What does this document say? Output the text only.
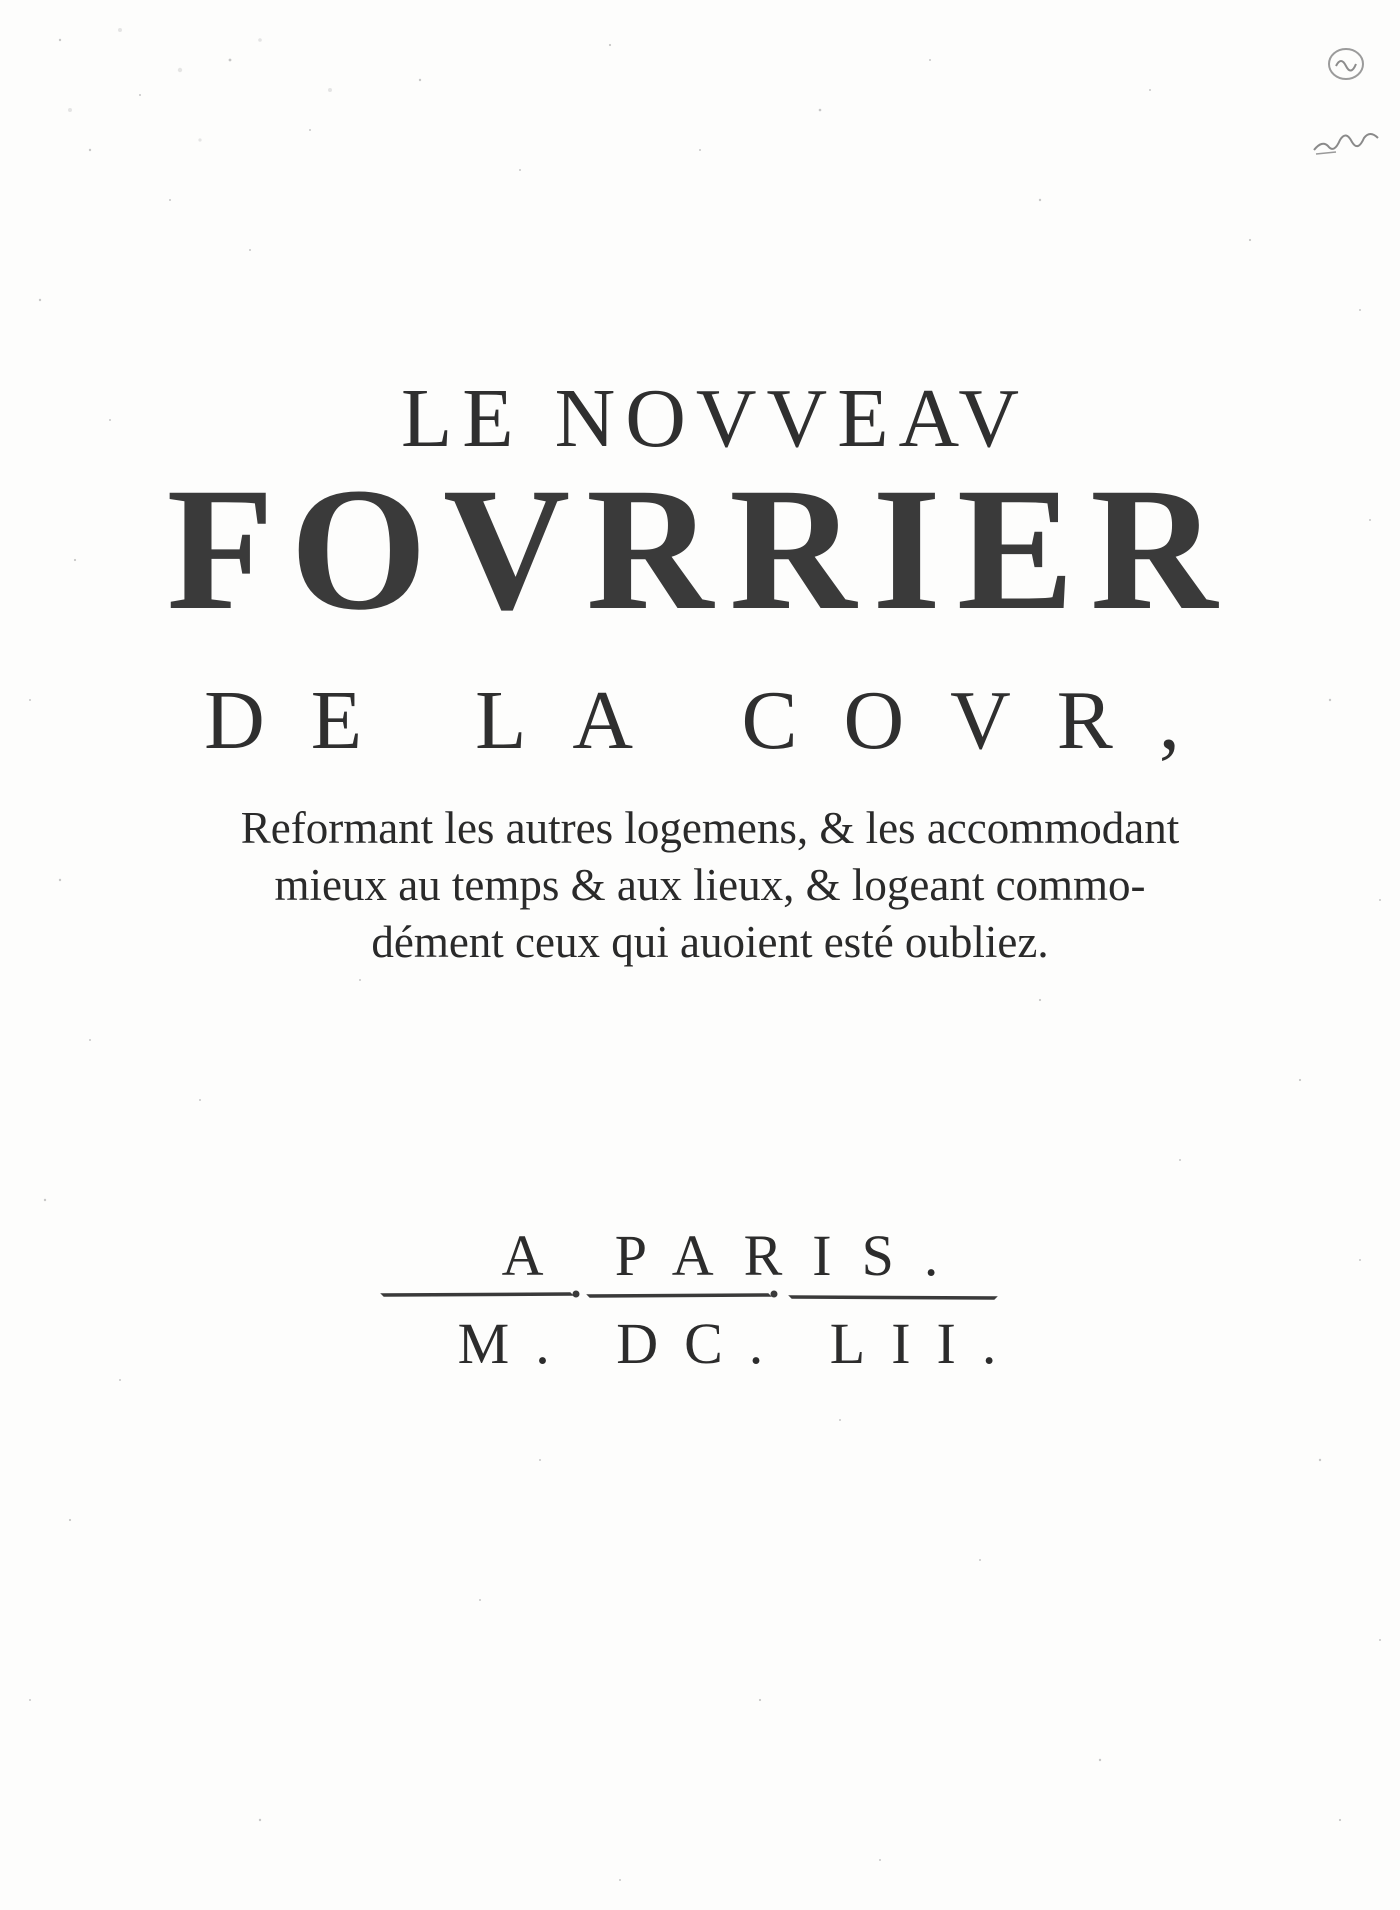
LE NOVVEAV
FOVRRIER
DE LA COVR,
Reformant les autres logemens, & les accommodant
mieux au temps & aux lieux, & logeant commo-
dément ceux qui auoient esté oubliez.
A PARIS.
M. DC. LII.
